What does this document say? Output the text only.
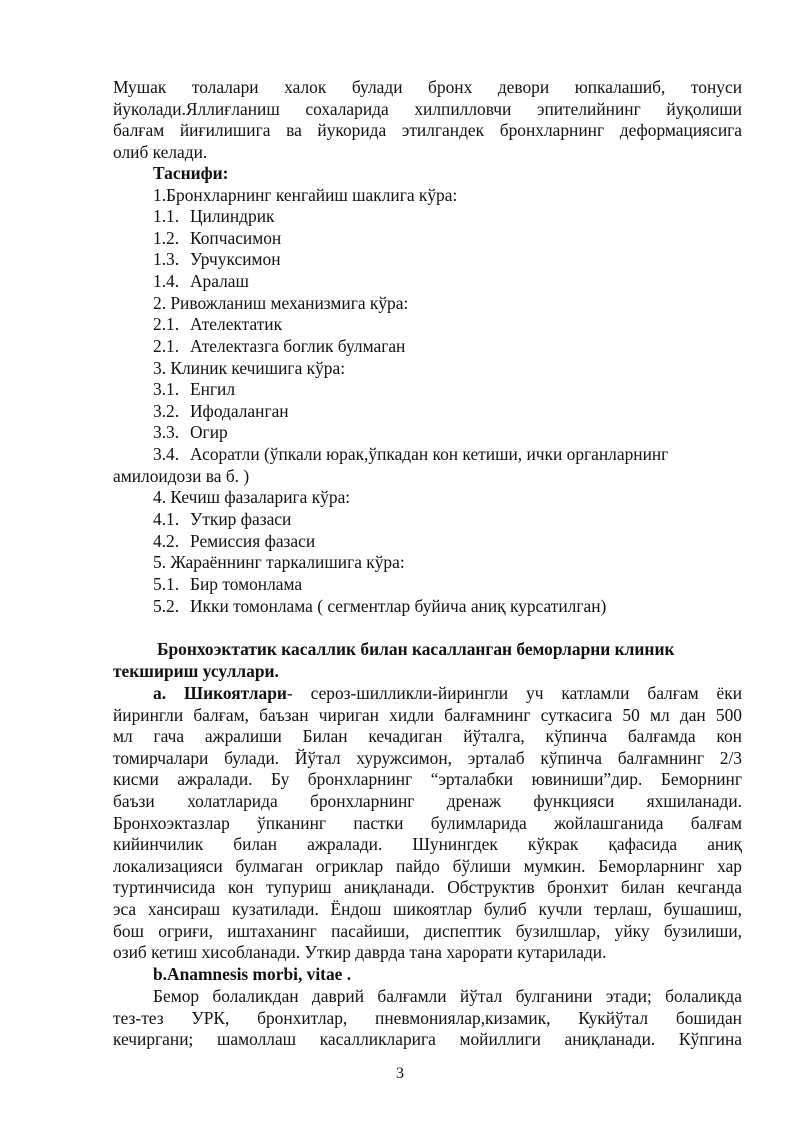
Мушак толалари халок булади бронх девори юпкалашиб, тонуси
йуколади.Яллиғланиш сохаларида хилпилловчи эпителийнинг йуқолиши
балғам йиғилишига ва йукорида этилгандек бронхларнинг деформациясига
олиб келади.
Таснифи:
1.Бронхларнинг кенгайиш шаклига кўра:
1.1. Цилиндрик
1.2. Копчасимон
1.3. Урчуксимон
1.4. Аралаш
2. Ривожланиш механизмига кўра:
2.1. Ателектатик
2.1. Ателектазга боглик булмаган
3. Клиник кечишига кўра:
3.1. Енгил
3.2. Ифодаланган
3.3. Огир
3.4. Асоратли (ўпкали юрак,ўпкадан кон кетиши, ички органларнинг
амилоидози ва б. )
4. Кечиш фазаларига кўра:
4.1. Уткир фазаси
4.2. Ремиссия фазаси
5. Жараённинг таркалишига кўра:
5.1. Бир томонлама
5.2. Икки томонлама ( сегментлар буйича аниқ курсатилган)
Бронхоэктатик касаллик билан касалланган беморларни клиник
текшириш усуллари.
a. Шикоятлари- сероз-шилликли-йирингли уч катламли балғам ёки
йирингли балғам, баъзан чириган хидли балғамнинг суткасига 50 мл дан 500
мл гача ажралиши Билан кечадиган йўталга, кўпинча балғамда кон
томирчалари булади. Йўтал хуружсимон, эрталаб кўпинча балғамнинг 2/3
кисми ажралади. Бу бронхларнинг “эрталабки ювиниши”дир. Беморнинг
баъзи холатларида бронхларнинг дренаж функцияси яхшиланади.
Бронхоэктазлар ўпканинг пастки булимларида жойлашганида балғам
кийинчилик билан ажралади. Шунингдек кўкрак қафасида аниқ
локализацияси булмаган огриклар пайдо бўлиши мумкин. Беморларнинг хар
туртинчисида кон тупуриш аниқланади. Обструктив бронхит билан кечганда
эса хансираш кузатилади. Ёндош шикоятлар булиб кучли терлаш, бушашиш,
бош огриғи, иштаханинг пасайиши, диспептик бузилшлар, уйку бузилиши,
озиб кетиш хисобланади. Уткир даврда тана харорати кутарилади.
b.Anamnesis morbi, vitae .
Бемор болаликдан даврий балғамли йўтал булганини этади; болаликда
тез-тез УРК, бронхитлар, пневмониялар,кизамик, Кукйўтал бошидан
кечиргани; шамоллаш касалликларига мойиллиги аниқланади. Кўпгина
3
